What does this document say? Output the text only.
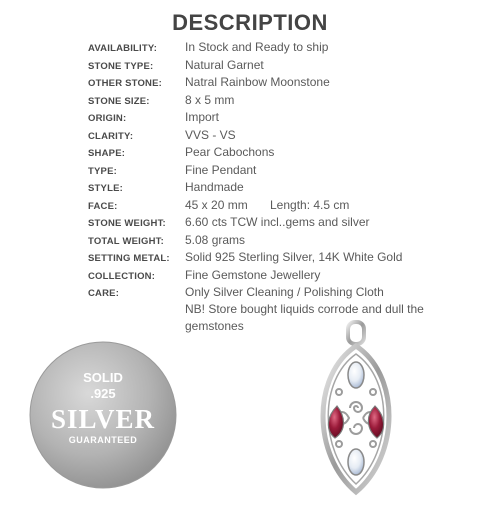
DESCRIPTION
AVAILABILITY: In Stock and Ready to ship
STONE TYPE:	Natural Garnet
OTHER STONE: Natral Rainbow Moonstone
STONE SIZE:	8 x 5 mm
ORIGIN:	Import
CLARITY:	VVS - VS
SHAPE:	Pear Cabochons
TYPE:	Fine Pendant
STYLE:	Handmade
FACE:	45 x 20 mm Length: 4.5 cm
STONE WEIGHT: 6.60 cts TCW incl..gems and silver
TOTAL WEIGHT: 5.08 grams
SETTING METAL: Solid 925 Sterling Silver, 14K White Gold
COLLECTION: Fine Gemstone Jewellery
CARE:	Only Silver Cleaning / Polishing Cloth
NB! Store bought liquids corrode and dull the gemstones
SOLID
.925
SILVER
GUARANTEED
